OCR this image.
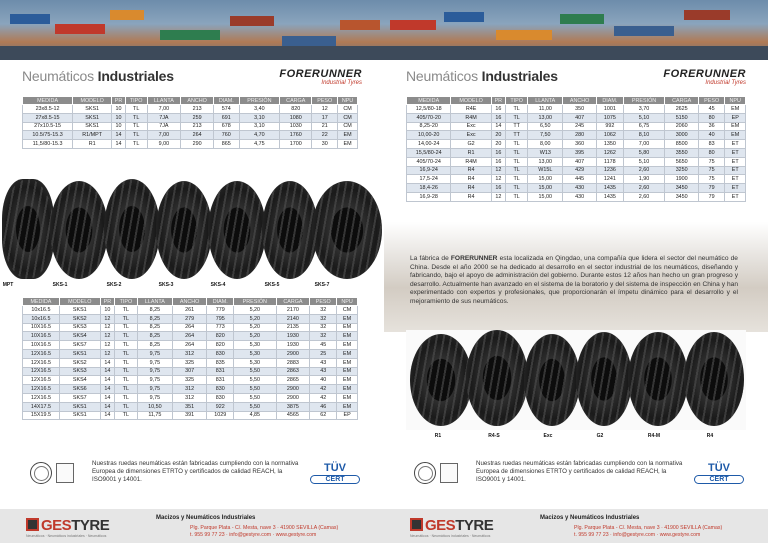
Neumáticos Industriales	FORERUNNER
Industrial Tyres
MEDIDA	MODELO	PR	TIPO	LLANTA	ANCHO	DIAM.	PRESIÓN	CARGA	PESO	NPU
23x8.5-12	SKS1	10	TL	7,00	213	574	3,40	820	12	CM
27x8.5-15	SKS1	10	TL	7JA	259	691	3,10	1080	17	CM
27x10.5-15	SKS1	10	TL	7JA	213	678	3,10	1030	21	CM
10.5/75-15.3	R1/MPT	14	TL	7,00	264	760	4,70	1760	22	EM
11,5/80-15.3	R1	14	TL	9,00	290	865	4,75	1700	30	EM
MPT	SKS-1	SKS-2	SKS-3	SKS-4	SKS-5	SKS-7
MEDIDA	MODELO	PR	TIPO	LLANTA	ANCHO	DIAM.	PRESIÓN	CARGA	PESO	NPU
10x16.5	SKS1	10	TL	8,25	261	779	5,20	2170	32	CM
10x16.5	SKS2	12	TL	8,25	279	795	5,20	2140	32	EM
10X16.5	SKS3	12	TL	8,25	264	773	5,20	2135	32	EM
10X16.5	SKS4	12	TL	8,25	264	820	5,20	1930	32	EM
10X16.5	SKS7	12	TL	8,25	264	820	5,30	1930	45	EM
12X16.5	SKS1	12	TL	9,75	312	830	5,30	2900	25	EM
12X16.5	SKS2	14	TL	9,75	325	835	5,30	2883	43	EM
12X16.5	SKS3	14	TL	9,75	307	831	5,50	2863	43	EM
12X16.5	SKS4	14	TL	9,75	325	831	5,50	2865	40	EM
12X16.5	SKS6	14	TL	9,75	312	830	5,50	2900	42	EM
12X16.5	SKS7	14	TL	9,75	312	830	5,50	2900	42	EM
14X17.5	SKS1	14	TL	10,50	351	922	5,50	3875	46	EM
15X19.5	SKS1	14	TL	11,75	391	1029	4,85	4565	62	EP
Nuestras ruedas neumáticas están fabricadas cumpliendo con la normativa Europea de dimensiones ETRTO y certificados de calidad REACH, la ISO9001 y 14001.
TÜV
CERT
GESTYRE
Neumáticos · Neumáticos industriales · Neumáticos
Macizos y Neumáticos Industriales
Plg. Parque Plata - C/. Mesta, nave 3 · 41900 SEVILLA (Camas)
t. 955 99 77 23 · info@gestyre.com · www.gestyre.com
Neumáticos Industriales	FORERUNNER
Industrial Tyres
MEDIDA	MODELO	PR	TIPO	LLANTA	ANCHO	DIAM.	PRESIÓN	CARGA	PESO	NPU
12,5/80-18	R4E	16	TL	11,00	350	1001	3,70	2625	45	EM
405/70-20	R4M	16	TL	13,00	407	1075	5,10	5150	80	EP
8,25-20	Exc	14	TT	6,50	245	992	6,75	2060	36	EM
10,00-20	Exc	20	TT	7,50	280	1062	8,10	3000	40	EM
14,00-24	G2	20	TL	8,00	360	1350	7,00	8500	83	ET
15,5/80-24	R1	16	TL	W13	395	1262	5,80	3550	80	ET
405/70-24	R4M	16	TL	13,00	407	1178	5,10	5650	75	ET
16,9-24	R4	12	TL	W15L	429	1236	2,60	3250	75	ET
17,5-24	R4	12	TL	15,00	445	1241	1,90	1900	75	ET
18,4-26	R4	16	TL	15,00	430	1435	2,60	3450	79	ET
16,9-28	R4	12	TL	15,00	430	1435	2,60	3450	79	ET
La fábrica de FORERUNNER esta localizada en Qingdao, una compañía que lidera el sector del neumático de China. Desde el año 2000 se ha dedicado al desarrollo en el sector industrial de los neumáticos, diseñando y fabricando, bajo el apoyo de administración del gobierno. Durante estos 12 años han hecho un gran progreso y desarrollo. Actualmente han avanzado en el sistema de la boratorio y del sistema de inspección en China y han experimentado con expertos y profesionales, que proporcionarán el ímpetu dinámico para el desarrollo y el mejoramiento de sus neumáticos.
R1	R4-S	Exc	G2	R4-M	R4
Nuestras ruedas neumáticas están fabricadas cumpliendo con la normativa Europea de dimensiones ETRTO y certificados de calidad REACH, la ISO9001 y 14001.
TÜV
CERT
GESTYRE
Neumáticos · Neumáticos industriales · Neumáticos
Macizos y Neumáticos Industriales
Plg. Parque Plata - C/. Mesta, nave 3 · 41900 SEVILLA (Camas)
t. 955 99 77 23 · info@gestyre.com · www.gestyre.com
